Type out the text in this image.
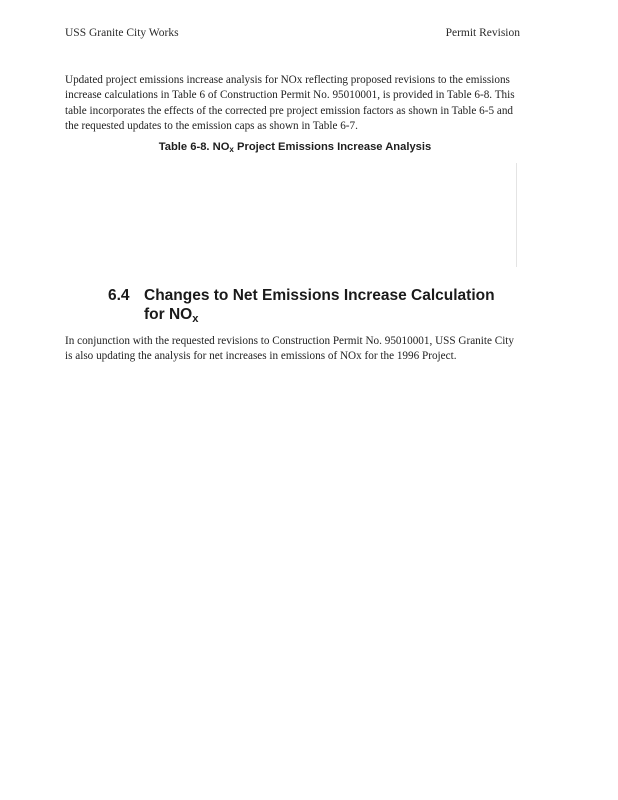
USS Granite City Works	Permit Revision

Updated project emissions increase analysis for NOx reflecting proposed revisions to the emissions increase calculations in Table 6 of Construction Permit No. 95010001, is provided in Table 6-8. This table incorporates the effects of the corrected pre project emission factors as shown in Table 6-5 and the requested updates to the emission caps as shown in Table 6-7.

Table 6-8. $NO_x$ Project Emissions Increase Analysis
6.4 Changes to Net Emissions Increase Calculation
for $NO_x$

In conjunction with the requested revisions to Construction Permit No. 95010001, USS Granite City is also updating the analysis for net increases in emissions of NOx for the 1996 Project.
